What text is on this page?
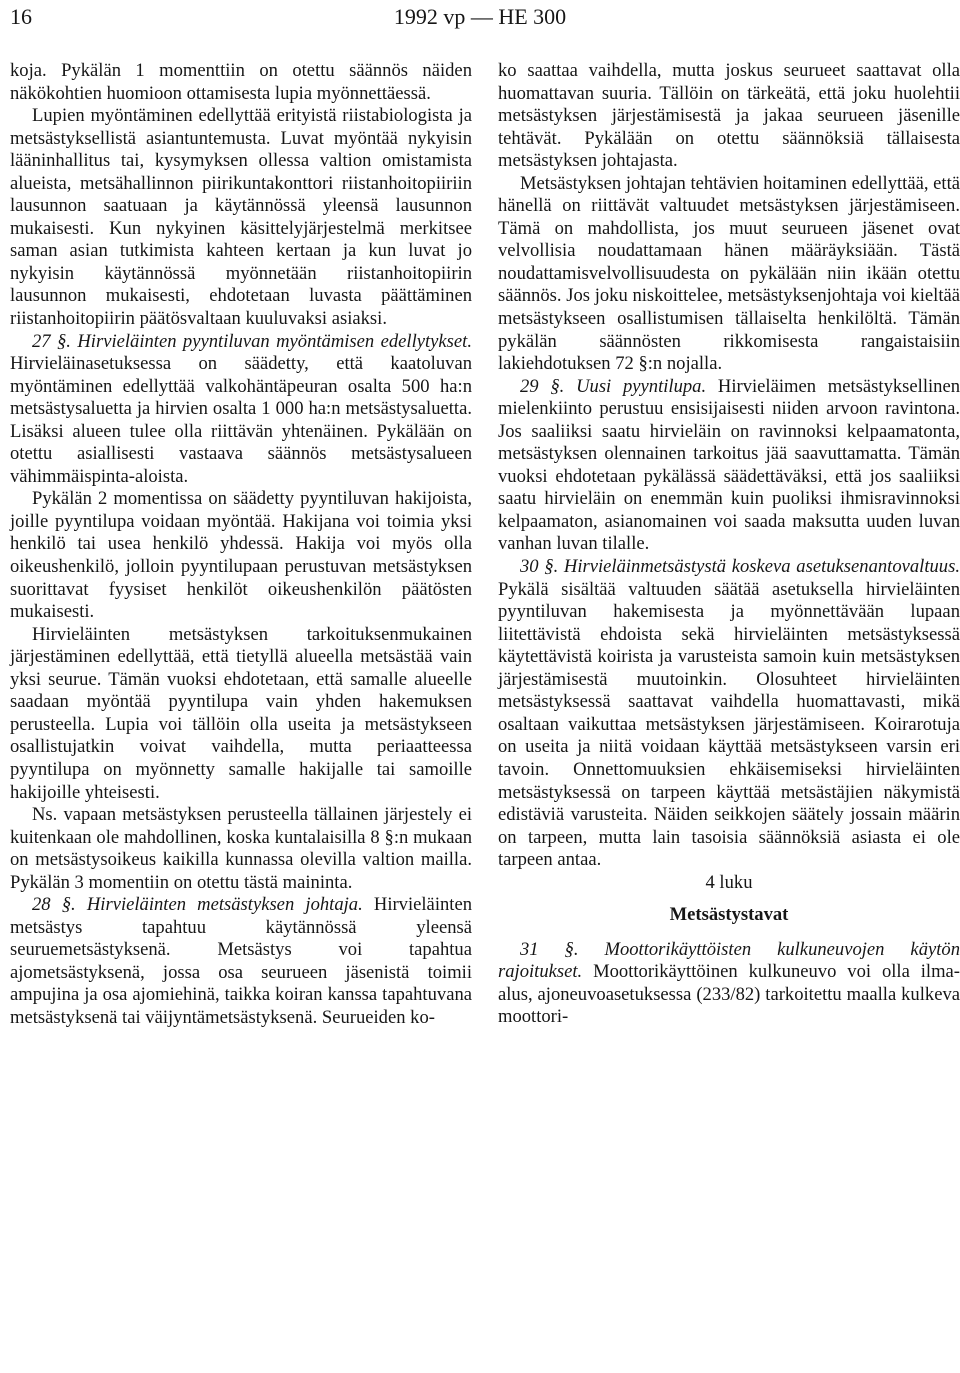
16	1992 vp — HE 300

koja. Pykälän 1 momenttiin on otettu säännös näiden näkökohtien huomioon ottamisesta lupia myönnettäessä.

Lupien myöntäminen edellyttää erityistä riistabiologista ja metsästyksellistä asiantuntemusta. Luvat myöntää nykyisin lääninhallitus tai, kysymyksen ollessa valtion omistamista alueista, metsähallinnon piirikuntakonttori riistanhoitopiiriin lausunnon saatuaan ja käytännössä yleensä lausunnon mukaisesti. Kun nykyinen käsittelyjärjestelmä merkitsee saman asian tutkimista kahteen kertaan ja kun luvat jo nykyisin käytännössä myönnetään riistanhoitopiirin lausunnon mukaisesti, ehdotetaan luvasta päättäminen riistanhoitopiirin päätösvaltaan kuuluvaksi asiaksi.

27 §. Hirvieläinten pyyntiluvan myöntämisen edellytykset. Hirvieläinasetuksessa on säädetty, että kaatoluvan myöntäminen edellyttää valkohäntäpeuran osalta 500 ha:n metsästysaluetta ja hirvien osalta 1 000 ha:n metsästysaluetta. Lisäksi alueen tulee olla riittävän yhtenäinen. Pykälään on otettu asiallisesti vastaava säännös metsästysalueen vähimmäispinta-aloista.

Pykälän 2 momentissa on säädetty pyyntiluvan hakijoista, joille pyyntilupa voidaan myöntää. Hakijana voi toimia yksi henkilö tai usea henkilö yhdessä. Hakija voi myös olla oikeushenkilö, jolloin pyyntilupaan perustuvan metsästyksen suorittavat fyysiset henkilöt oikeushenkilön päätösten mukaisesti.

Hirvieläinten metsästyksen tarkoituksenmukainen järjestäminen edellyttää, että tietyllä alueella metsästää vain yksi seurue. Tämän vuoksi ehdotetaan, että samalle alueelle saadaan myöntää pyyntilupa vain yhden hakemuksen perusteella. Lupia voi tällöin olla useita ja metsästykseen osallistujatkin voivat vaihdella, mutta periaatteessa pyyntilupa on myönnetty samalle hakijalle tai samoille hakijoille yhteisesti.

Ns. vapaan metsästyksen perusteella tällainen järjestely ei kuitenkaan ole mahdollinen, koska kuntalaisilla 8 §:n mukaan on metsästysoikeus kaikilla kunnassa olevilla valtion mailla. Pykälän 3 momentiin on otettu tästä maininta.

28 §. Hirvieläinten metsästyksen johtaja. Hirvieläinten metsästys tapahtuu käytännössä yleensä seuruemetsästyksenä. Metsästys voi tapahtua ajometsästyksenä, jossa osa seurueen jäsenistä toimii ampujina ja osa ajomiehinä, taikka koiran kanssa tapahtuvana metsästyksenä tai väijyntämetsästyksenä. Seurueiden ko-

ko saattaa vaihdella, mutta joskus seurueet saattavat olla huomattavan suuria. Tällöin on tärkeätä, että joku huolehtii metsästyksen järjestämisestä ja jakaa seurueen jäsenille tehtävät. Pykälään on otettu säännöksiä tällaisesta metsästyksen johtajasta.

Metsästyksen johtajan tehtävien hoitaminen edellyttää, että hänellä on riittävät valtuudet metsästyksen järjestämiseen. Tämä on mahdollista, jos muut seurueen jäsenet ovat velvollisia noudattamaan hänen määräyksiään. Tästä noudattamisvelvollisuudesta on pykälään niin ikään otettu säännös. Jos joku niskoittelee, metsästyksenjohtaja voi kieltää metsästykseen osallistumisen tällaiselta henkilöltä. Tämän pykälän säännösten rikkomisesta rangaistaisiin lakiehdotuksen 72 §:n nojalla.

29 §. Uusi pyyntilupa. Hirvieläimen metsästyksellinen mielenkiinto perustuu ensisijaisesti niiden arvoon ravintona. Jos saaliiksi saatu hirvieläin on ravinnoksi kelpaamatonta, metsästyksen olennainen tarkoitus jää saavuttamatta. Tämän vuoksi ehdotetaan pykälässä säädettäväksi, että jos saaliiksi saatu hirvieläin on enemmän kuin puoliksi ihmisravinnoksi kelpaamaton, asianomainen voi saada maksutta uuden luvan vanhan luvan tilalle.

30 §. Hirvieläinmetsästystä koskeva asetuksenantovaltuus. Pykälä sisältää valtuuden säätää asetuksella hirvieläinten pyyntiluvan hakemisesta ja myönnettävään lupaan liitettävistä ehdoista sekä hirvieläinten metsästyksessä käytettävistä koirista ja varusteista samoin kuin metsästyksen järjestämisestä muutoinkin. Olosuhteet hirvieläinten metsästyksessä saattavat vaihdella huomattavasti, mikä osaltaan vaikuttaa metsästyksen järjestämiseen. Koirarotuja on useita ja niitä voidaan käyttää metsästykseen varsin eri tavoin. Onnettomuuksien ehkäisemiseksi hirvieläinten metsästyksessä on tarpeen käyttää metsästäjien näkymistä edistäviä varusteita. Näiden seikkojen säätely jossain määrin on tarpeen, mutta lain tasoisia säännöksiä asiasta ei ole tarpeen antaa.

4 luku
Metsästystavat

31 §. Moottorikäyttöisten kulkuneuvojen käytön rajoitukset. Moottorikäyttöinen kulkuneuvo voi olla ilma-alus, ajoneuvoasetuksessa (233/82) tarkoitettu maalla kulkeva moottori-
